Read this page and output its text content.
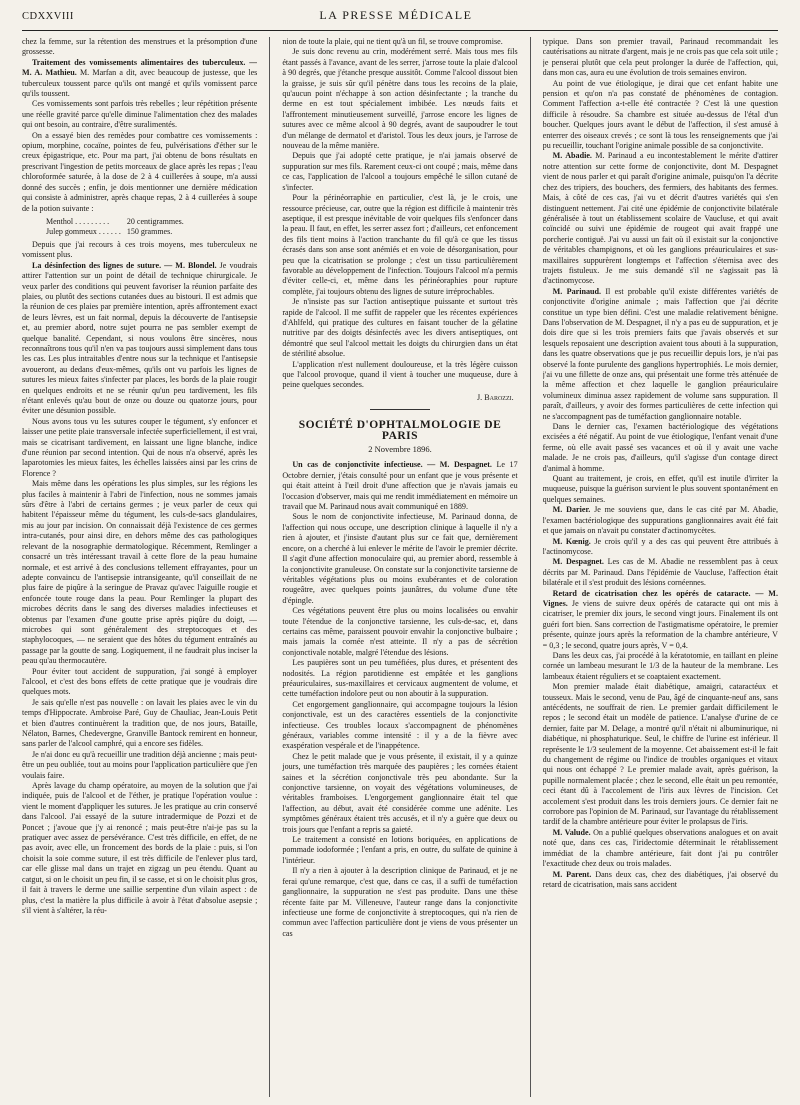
CDXXVIII	LA PRESSE MÉDICALE

chez la femme, sur la rétention des menstrues et la présomption d'une grossesse.

Traitement des vomissements alimentaires des tuberculeux. — M. A. Mathieu. M. Marfan a dit, avec beaucoup de justesse, que les tuberculeux toussent parce qu'ils ont mangé et qu'ils vomissent parce qu'ils toussent.

Ces vomissements sont parfois très rebelles ; leur répétition présente une réelle gravité parce qu'elle diminue l'alimentation chez des malades qui ont besoin, au contraire, d'être suralimentés.

On a essayé bien des remèdes pour combattre ces vomissements : opium, morphine, cocaïne, pointes de feu, pulvérisations d'éther sur le creux épigastrique, etc. Pour ma part, j'ai obtenu de bons résultats en prescrivant l'ingestion de petits morceaux de glace après les repas ; l'eau chloroformée saturée, à la dose de 2 à 4 cuillerées à soupe, m'a aussi donné des succès ; enfin, je dois mentionner une dernière médication qui consiste à administrer, après chaque repas, 2 à 4 cuillerées à soupe de la potion suivante :

Menthol . . . . . . . . .	20 centigrammes.
Julep gommeux . . . . . .	150 grammes.

Depuis que j'ai recours à ces trois moyens, mes tuberculeux ne vomissent plus.

La désinfection des lignes de suture. — M. Blondel. Je voudrais attirer l'attention sur un point de détail de technique chirurgicale. Je veux parler des conditions qui peuvent favoriser la réunion parfaite des plaies, ou plutôt des sections cutanées dues au bistouri. Il est admis que la réunion de ces plaies par première intention, après affrontement exact de leurs lèvres, est un fait normal, depuis la découverte de l'antisepsie et, au premier abord, notre sujet pourra ne pas sembler exempt de quelque banalité. Cependant, si nous voulons être sincères, nous reconnaîtrons tous qu'il n'en va pas toujours aussi simplement dans tous les cas. Les plus intraitables d'entre nous sur la technique et l'antisepsie avoueront, au dedans d'eux-mêmes, qu'ils ont vu parfois les lignes de sutures les mieux faites s'infecter par places, les bords de la plaie rougir en quelques endroits et ne se réunir qu'un peu tardivement, les fils n'étant enlevés qu'au bout de onze ou douze ou quatorze jours, pour éviter une désunion possible.

Nous avons tous vu les sutures couper le tégument, s'y enfoncer et laisser une petite plaie transversale infectée superficiellement, il est vrai, mais se cicatrisant tardivement, en laissant une ligne blanche, indice d'une réunion par second intention. Qui de nous n'a observé, après les laparotomies les mieux faites, les échelles laissées ainsi par les crins de Florence ?

Mais même dans les opérations les plus simples, sur les régions les plus faciles à maintenir à l'abri de l'infection, nous ne sommes jamais sûrs d'être à l'abri de certains germes ; je veux parler de ceux qui habitent l'épaisseur même du tégument, les culs-de-sacs glandulaires, mis au jour par incision. On connaissait déjà l'existence de ces germes intra-cutanés, pour ainsi dire, en dehors même des cas pathologiques relevant de la nosographie dermatologique. Récemment, Remlinger a consacré un très intéressant travail à cette flore de la peau humaine normale, et est arrivé à des conclusions tellement effrayantes, pour un adepte convaincu de l'antisepsie intransigeante, qu'il conseillait de ne plus faire de piqûre à la seringue de Pravaz qu'avec l'aiguille rougie et enfoncée toute rouge dans la peau. Pour Remlinger la plupart des microbes décrits dans le sang des diverses maladies infectieuses et obtenus par l'examen d'une goutte prise après piqûre du doigt, — microbes qui sont généralement des streptocoques et des staphylocoques, — ne seraient que des hôtes du tégument entraînés au passage par la goutte de sang. Logiquement, il ne faudrait plus inciser la peau qu'au thermocautère.

Pour éviter tout accident de suppuration, j'ai songé à employer l'alcool, et c'est des bons effets de cette pratique que je voudrais dire quelques mots.

Je sais qu'elle n'est pas nouvelle : on lavait les plaies avec le vin du temps d'Hippocrate. Ambroise Paré, Guy de Chauliac, Jean-Louis Petit et bien d'autres continuèrent la tradition que, de nos jours, Bataille, Nélaton, Barnes, Chedevergne, Granville Bantock remirent en honneur, sans parler de l'alcool camphré, qui a encore ses fidèles.

Je n'ai donc eu qu'à recueillir une tradition déjà ancienne ; mais peut-être un peu oubliée, tout au moins pour l'application particulière que j'en voulais faire.

Après lavage du champ opératoire, au moyen de la solution que j'ai indiquée, puis de l'alcool et de l'éther, je pratique l'opération voulue : vient le moment d'appliquer les sutures. Je les pratique au crin conservé dans l'alcool. J'ai essayé de la suture intradermique de Pozzi et de Poncet ; j'avoue que j'y ai renoncé ; mais peut-être n'ai-je pas su la pratiquer avec assez de persévérance. C'est très difficile, en effet, de ne pas avoir, avec elle, un froncement des bords de la plaie : puis, si l'on choisit la soie comme suture, il est très difficile de l'enlever plus tard, car elle glisse mal dans un trajet en zigzag un peu étendu. Quant au catgut, si on le choisit un peu fin, il se casse, et si on le choisit plus gros, il fait à travers le derme une saillie serpentine d'un vilain aspect : de plus, c'est la matière la plus difficile à avoir à l'état d'absolue asepsie ; s'il vient à s'altérer, la réu-

nion de toute la plaie, qui ne tient qu'à un fil, se trouve compromise.

Je suis donc revenu au crin, modérément serré. Mais tous mes fils étant passés à l'avance, avant de les serrer, j'arrose toute la plaie d'alcool à 90 degrés, que j'étanche presque aussitôt. Comme l'alcool dissout bien la graisse, je suis sûr qu'il pénètre dans tous les recoins de la plaie, qu'aucun point n'échappe à son action désinfectante ; la tranche du derme en est tout spécialement imbibée. Les nœuds faits et l'affrontement minutieusement surveillé, j'arrose encore les lignes de sutures avec ce même alcool à 90 degrés, avant de saupoudrer le tout d'un mélange de dermatol et d'aristol. Tous les deux jours, je l'arrose de nouveau de la même manière.

Depuis que j'ai adopté cette pratique, je n'ai jamais observé de suppuration sur mes fils. Rarement ceux-ci ont coupé ; mais, même dans ce cas, l'application de l'alcool a toujours empêché le sillon cutané de s'infecter.

Pour la périnéorraphie en particulier, c'est là, je le crois, une ressource précieuse, car, outre que la région est difficile à maintenir très aseptique, il est presque inévitable de voir quelques fils s'enfoncer dans la peau. Il faut, en effet, les serrer assez fort ; d'ailleurs, cet enfoncement des fils tient moins à l'action tranchante du fil qu'à ce que les tissus écrasés dans son anse sont anémiés et en voie de désorganisation, pour peu que la cicatrisation se prolonge ; c'est un tissu particulièrement favorable au développement de l'infection. Toujours l'alcool m'a permis d'éviter celle-ci, et, même dans les périnéoraphies pour rupture complète, j'ai toujours obtenu des lignes de suture irréprochables.

Je n'insiste pas sur l'action antiseptique puissante et surtout très rapide de l'alcool. Il me suffit de rappeler que les récentes expériences d'Ahlfeld, qui pratique des cultures en faisant toucher de la gélatine nutritive par des doigts désinfectés avec les divers antiseptiques, ont démontré que seul l'alcool mettait les doigts du chirurgien dans un état de stérilité absolue.

L'application n'est nullement douloureuse, et la très légère cuisson que l'alcool provoque, quand il vient à toucher une muqueuse, dure à peine quelques secondes.

J. Barozzi.
SOCIÉTÉ D'OPHTALMOLOGIE DE PARIS
2 Novembre 1896.

Un cas de conjonctivite infectieuse. — M. Despagnet. Le 17 Octobre dernier, j'étais consulté pour un enfant que je vous présente et qui était atteint à l'œil droit d'une affection que je n'avais jamais eu l'occasion d'observer, mais qui me rendit immédiatement en mémoire un travail que M. Parinaud nous avait communiqué en 1889.

Sous le nom de conjonctivite infectieuse, M. Parinaud donna, de l'affection qui nous occupe, une description clinique à laquelle il n'y a rien à ajouter, et j'insiste d'autant plus sur ce fait que, dernièrement encore, on a cherché à lui enlever le mérite de l'avoir le premier décrite. Il s'agit d'une affection monoculaire qui, au premier abord, ressemble à la conjonctivite granuleuse. On constate sur la conjonctivite tarsienne de véritables végétations plus ou moins exubérantes et de coloration rougeâtre, avec quelques points jaunâtres, du volume d'une tête d'épingle.

Ces végétations peuvent être plus ou moins localisées ou envahir toute l'étendue de la conjonctive tarsienne, les culs-de-sac, et, dans certains cas même, paraissent pouvoir envahir la conjonctive bulbaire ; mais jamais la cornée n'est atteinte. Il n'y a pas de sécrétion conjonctivale notable, malgré l'étendue des lésions.

Les paupières sont un peu tuméfiées, plus dures, et présentent des nodosités. La région parotidienne est empâtée et les ganglions préauriculaires, sus-maxillaires et cervicaux augmentent de volume, et cette tuméfaction indolore peut ou non aboutir à la suppuration.

Cet engorgement ganglionnaire, qui accompagne toujours la lésion conjonctivale, est un des caractères essentiels de la conjonctivite infectieuse. Ces troubles locaux s'accompagnent de phénomènes généraux, variables comme intensité : il y a de la fièvre avec exaspération vespérale et de l'inappétence.

Chez le petit malade que je vous présente, il existait, il y a quinze jours, une tuméfaction très marquée des paupières ; les cornées étaient saines et la sécrétion conjonctivale très peu abondante. Sur la conjonctive tarsienne, on voyait des végétations volumineuses, de véritables framboises. L'engorgement ganglionnaire était tel que l'affection, au début, avait été considérée comme une adénite. Les symptômes généraux étaient très accusés, et il n'y a guère que deux ou trois jours que l'enfant a repris sa gaieté.

Le traitement a consisté en lotions boriquées, en applications de pommade iodoformée ; l'enfant a pris, en outre, du sulfate de quinine à l'intérieur.

Il n'y a rien à ajouter à la description clinique de Parinaud, et je ne ferai qu'une remarque, c'est que, dans ce cas, il a suffi de tuméfaction ganglionnaire, la suppuration ne s'est pas produite. Dans une thèse récente faite par M. Villeneuve, l'auteur range dans la conjonctivite infectieuse une forme de conjonctivite à streptocoques, qui n'a rien de commun avec l'affection particulière dont je viens de vous présenter un cas

typique. Dans son premier travail, Parinaud recommandait les cautérisations au nitrate d'argent, mais je ne crois pas que cela soit utile ; je penserai plutôt que cela peut prolonger la durée de l'affection, qui, dans mon cas, aura eu une évolution de trois semaines environ.

Au point de vue étiologique, je dirai que cet enfant habite une pension et qu'on n'a pas constaté de phénomènes de contagion. Comment l'affection a-t-elle été contractée ? C'est là une question difficile à résoudre. Sa chambre est située au-dessus de l'étal d'un boucher. Quelques jours avant le début de l'affection, il s'est amusé à enterrer des oiseaux crevés ; ce sont là tous les renseignements que j'ai pu recueillir, touchant l'origine animale possible de sa conjonctivite.

M. Abadie. M. Parinaud a eu incontestablement le mérite d'attirer notre attention sur cette forme de conjonctivite, dont M. Despagnet vient de nous parler et qui paraît d'origine animale, puisqu'on l'a décrite chez des tripiers, des bouchers, des fermiers, des habitants des fermes. Mais, à côté de ces cas, j'ai vu et décrit d'autres variétés qui s'en distinguent nettement. J'ai cité une épidémie de conjonctivite bilatérale généralisée à tout un établissement scolaire de Vaucluse, et qui avait coïncidé ou suivi une épidémie de rougeot qui avait frappé une porcherie contiguë. J'ai vu aussi un fait où il existait sur la conjonctive de véritables champignons, et où les ganglions préauriculaires et sus-maxillaires suppurèrent longtemps et l'affection s'éternisa avec des trajets fistuleux. Je me suis demandé s'il ne s'agissait pas là d'actinomycose.

M. Parinaud. Il est probable qu'il existe différentes variétés de conjonctivite d'origine animale ; mais l'affection que j'ai décrite constitue un type bien défini. C'est une maladie relativement bénigne. Dans l'observation de M. Despagnet, il n'y a pas eu de suppuration, et je dois dire que si les trois premiers faits que j'avais observés et sur lesquels reposaient une description avaient tous abouti à la suppuration, dans les quatre observations que je pus recueillir depuis lors, je n'ai pas observé la fonte purulente des ganglions hypertrophiés. Le mois dernier, j'ai vu une fillette de onze ans, qui présentait une forme très atténuée de la même affection et chez laquelle le ganglion préauriculaire volumineux diminua assez rapidement de volume sans suppuration. Il paraît, d'ailleurs, y avoir des formes particulières de cette infection qui ne s'accompagnent pas de tuméfaction ganglionnaire notable.

Dans le dernier cas, l'examen bactériologique des végétations excisées a été négatif. Au point de vue étiologique, l'enfant venait d'une ferme, où elle avait passé ses vacances et où il y avait une vache malade. Je ne crois pas, d'ailleurs, qu'il s'agisse d'un contage direct d'animal à homme.

Quant au traitement, je crois, en effet, qu'il est inutile d'irriter la muqueuse, puisque la guérison survient le plus souvent spontanément en quelques semaines.

M. Darier. Je me souviens que, dans le cas cité par M. Abadie, l'examen bactériologique des suppurations ganglionnaires avait été fait et que jamais on n'avait pu constater d'actinomycètes.

M. Kœnig. Je crois qu'il y a des cas qui peuvent être attribués à l'actinomycose.

M. Despagnet. Les cas de M. Abadie ne ressemblent pas à ceux décrits par M. Parinaud. Dans l'épidémie de Vaucluse, l'affection était bilatérale et il s'est produit des lésions cornéennes.

Retard de cicatrisation chez les opérés de cataracte. — M. Vignes. Je viens de suivre deux opérés de cataracte qui ont mis à cicatriser, le premier dix jours, le second vingt jours. Finalement ils ont guéri fort bien. Sans correction de l'astigmatisme opératoire, le premier présente, quinze jours après la reformation de la chambre antérieure, V = 0,3 ; le second, quatre jours après, V = 0,4.

Dans les deux cas, j'ai procédé à la kératotomie, en taillant en pleine cornée un lambeau mesurant le 1/3 de la hauteur de la membrane. Les lambeaux étaient réguliers et se coaptaient exactement.

Mon premier malade était diabétique, amaigri, cataractéux et tousseux. Mais le second, venu de Pau, âgé de cinquante-neuf ans, sans antécédents, ne souffrait de rien. Le premier gardait difficilement le repos ; le second était un modèle de patience. L'analyse d'urine de ce dernier, faite par M. Delage, a montré qu'il n'était ni albuminurique, ni diabétique, ni phosphaturique. Seul, le chiffre de l'urine est inférieur. Il représente le 1/3 seulement de la moyenne. Cet abaissement est-il le fait du changement de régime ou l'indice de troubles organiques et vitaux qui nous ont échappé ? Le premier malade avait, après guérison, la pupille normalement placée ; chez le second, elle était un peu remontée, ceci étant dû à l'accolement de l'iris aux lèvres de l'incision. Cet accolement s'est produit dans les trois derniers jours. Ce dernier fait ne corrobore pas l'opinion de M. Parinaud, sur l'avantage du rétablissement tardif de la chambre antérieure pour éviter le prolapsus de l'iris.

M. Valude. On a publié quelques observations analogues et on avait noté que, dans ces cas, l'iridectomie déterminait le rétablissement immédiat de la chambre antérieure, fait dont j'ai pu contrôler l'exactitude chez deux ou trois malades.

M. Parent. Dans deux cas, chez des diabétiques, j'ai observé du retard de cicatrisation, mais sans accident
